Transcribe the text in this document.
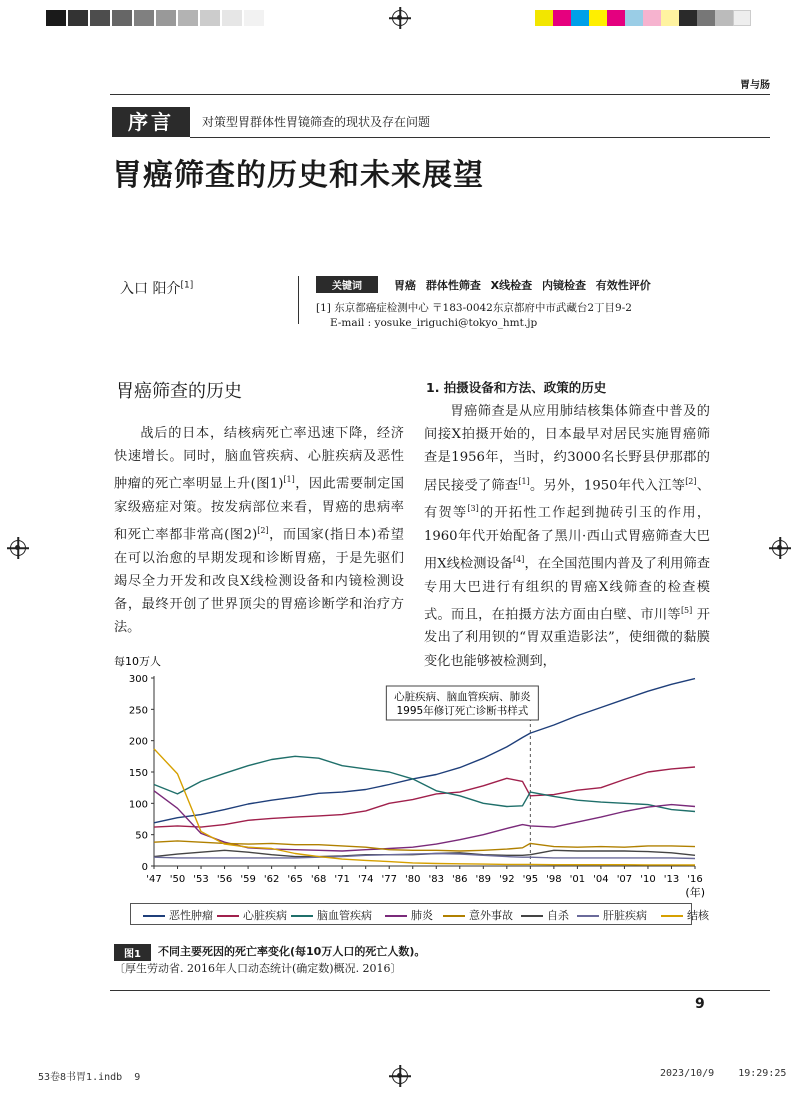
胃与肠
序言	对策型胃群体性胃镜筛查的现状及存在问题
胃癌筛查的历史和未来展望
入口 阳介[1]	关键词	胃癌 群体性筛查 X线检查 内镜检查 有效性评价
[1] 东京都癌症检测中心 〒183-0042东京都府中市武藏台2丁目9-2
E-mail : yosuke_iriguchi@tokyo_hmt.jp
胃癌筛查的历史	1. 拍摄设备和方法、政策的历史
战后的日本，结核病死亡率迅速下降，经济快速增长。同时，脑血管疾病、心脏疾病及恶性肿瘤的死亡率明显上升(图1)[1]，因此需要制定国家级癌症对策。按发病部位来看，胃癌的患病率和死亡率都非常高(图2)[2]，而国家(指日本)希望在可以治愈的早期发现和诊断胃癌，于是先驱们竭尽全力开发和改良X线检测设备和内镜检测设备，最终开创了世界顶尖的胃癌诊断学和治疗方法。
胃癌筛查是从应用肺结核集体筛查中普及的间接X拍摄开始的，日本最早对居民实施胃癌筛查是1956年，当时，约3000名长野县伊那郡的居民接受了筛查[1]。另外，1950年代入江等[2]、有贺等[3]的开拓性工作起到抛砖引玉的作用，1960年代开始配备了黑川·西山式胃癌筛查大巴用X线检测设备[4]，在全国范围内普及了利用筛查专用大巴进行有组织的胃癌X线筛查的检查模式。而且，在拍摄方法方面由白壁、市川等[5] 开发出了利用钡的“胃双重造影法”，使细微的黏膜变化也能够被检测到，
每10万人
0
50
100
150
200
250
300
'47 '50 '53 '56 '59 '62 '65 '68 '71 '74 '77 '80 '83 '86 '89 '92 '95 '98 '01 '04 '07 '10 '13 '16
(年)
心脏疾病、脑血管疾病、肺炎
1995年修订死亡诊断书样式
恶性肿瘤	心脏疾病	脑血管疾病	肺炎	意外事故	自杀	肝脏疾病	结核
图1	不同主要死因的死亡率变化(每10万人口的死亡人数)。
〔厚生劳动省. 2016年人口动态统计(确定数)概况. 2016〕
9
53卷8书胃1.indb  9	2023/10/9  19:29:25
